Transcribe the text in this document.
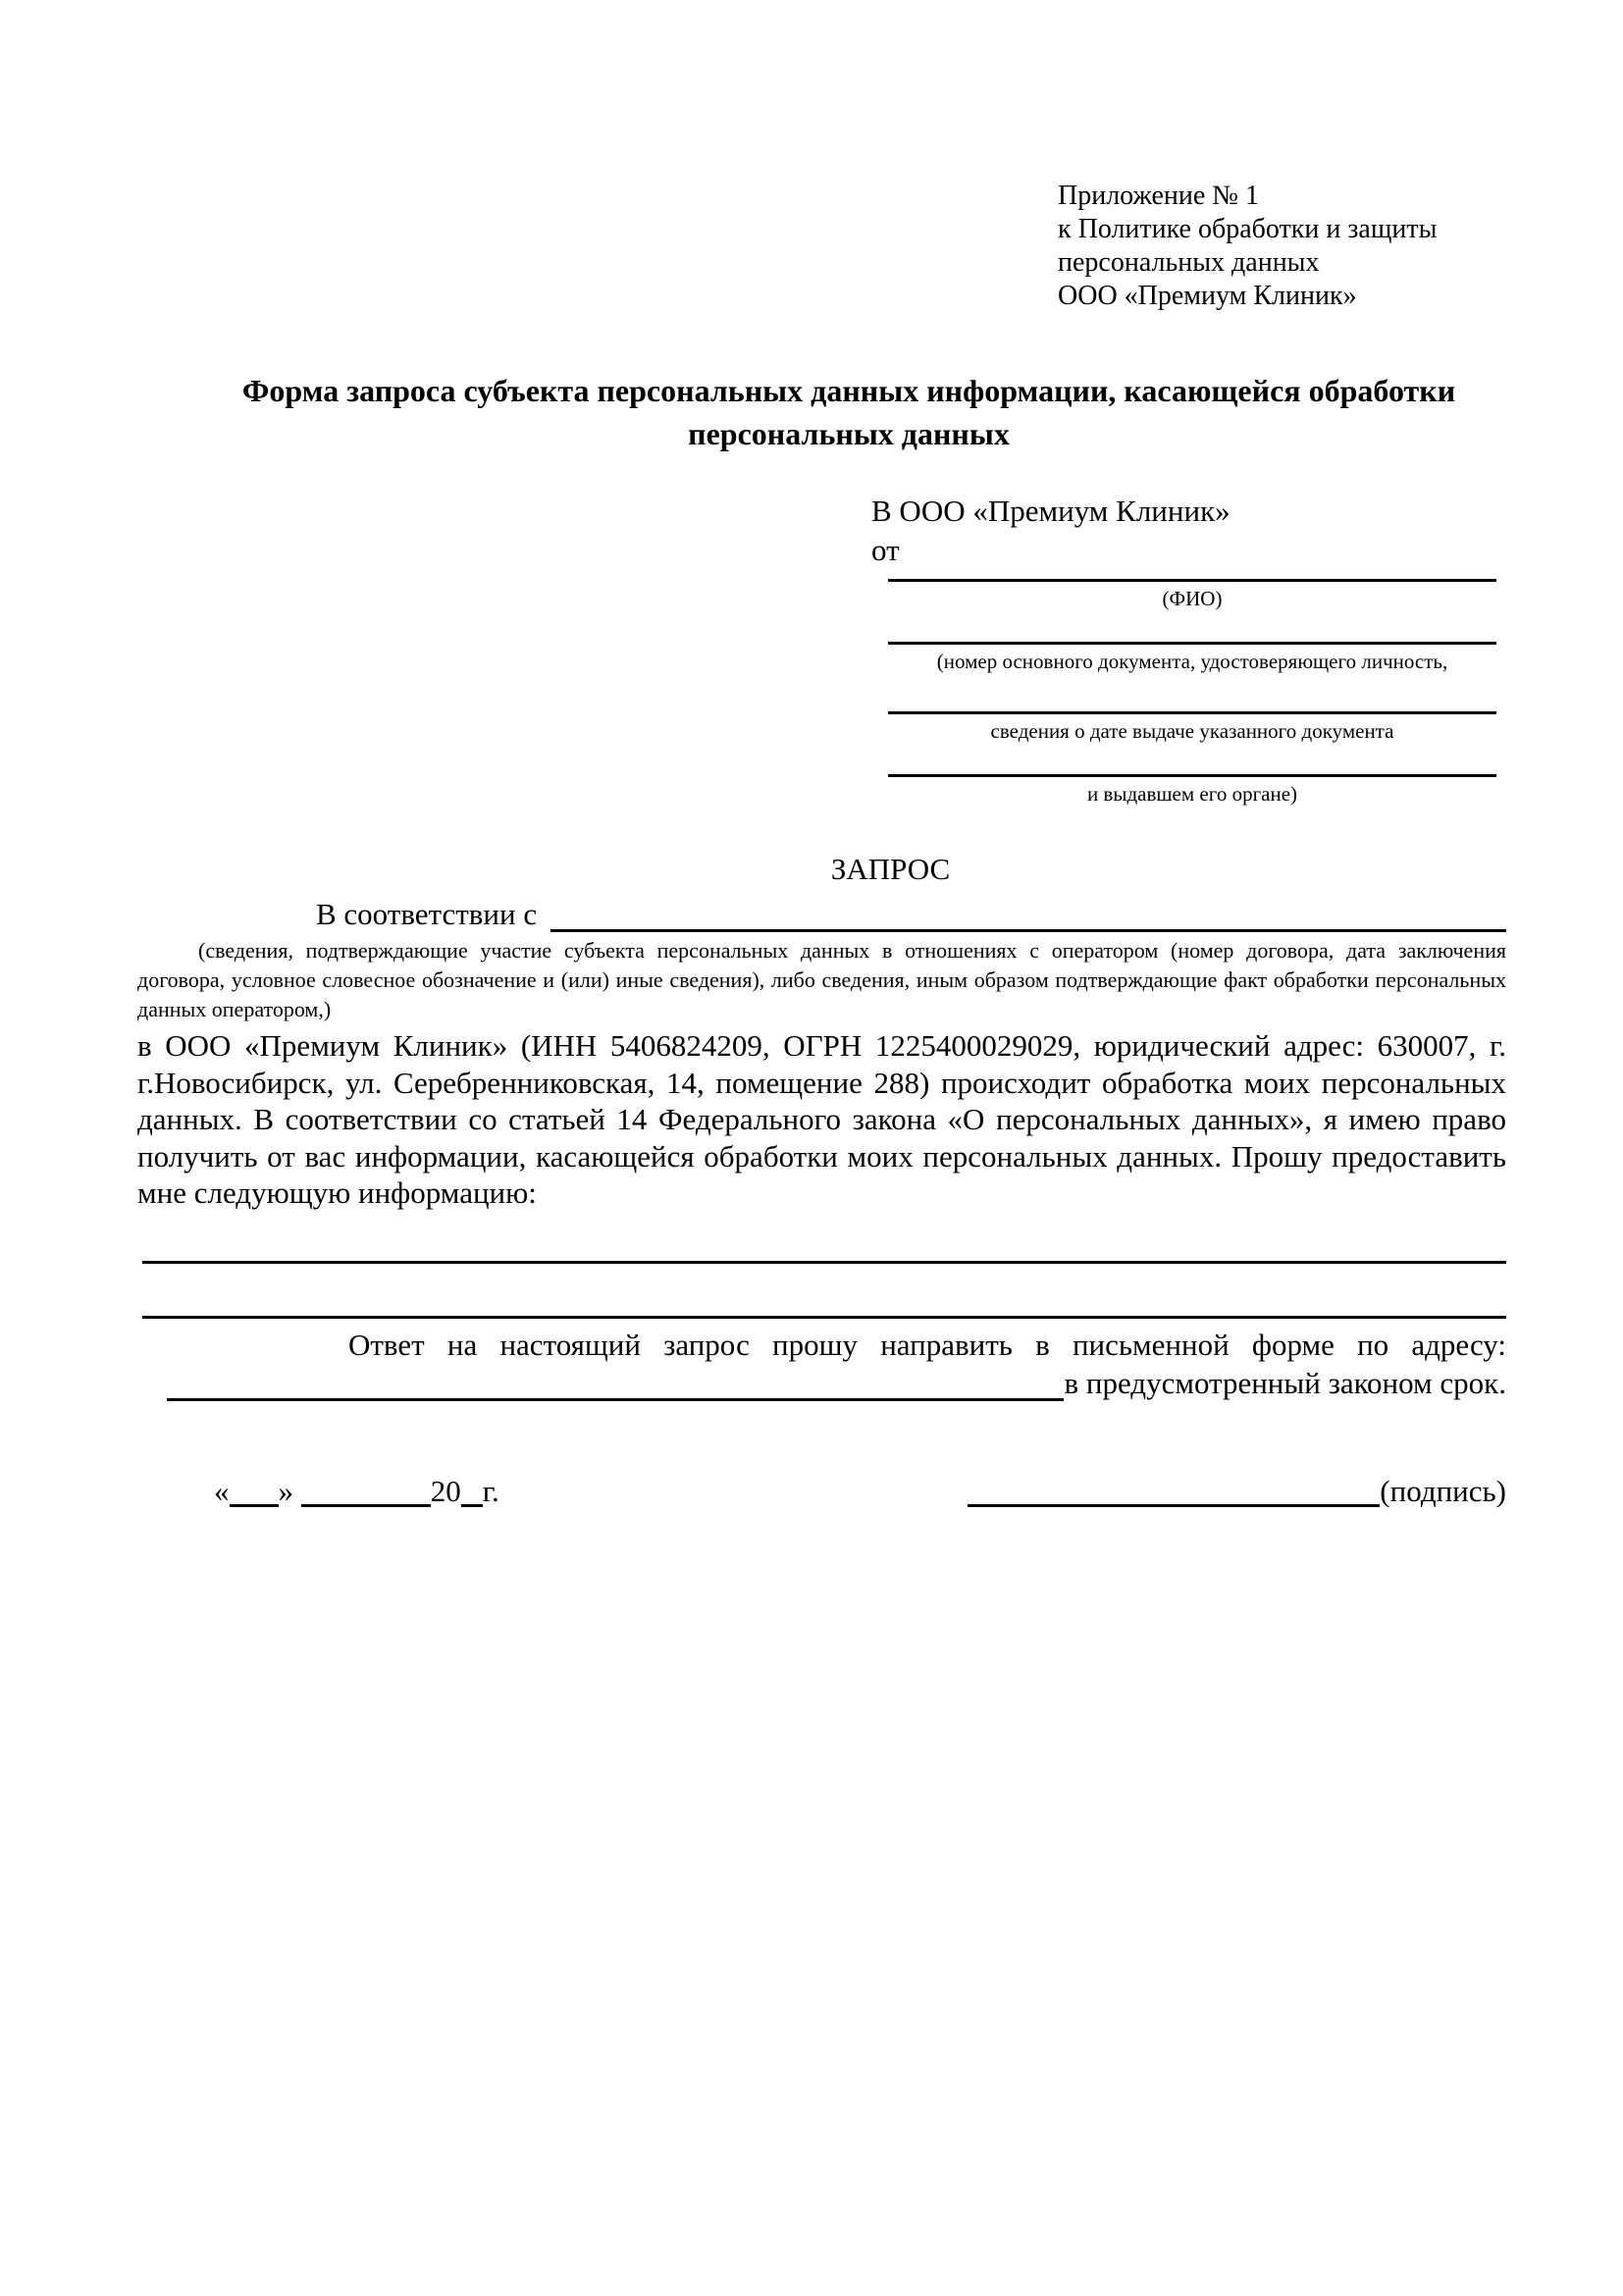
Приложение № 1
к Политике обработки и защиты
персональных данных
ООО «Премиум Клиник»
Форма запроса субъекта персональных данных информации, касающейся обработки персональных данных
В ООО «Премиум Клиник»
от
(ФИО)
(номер основного документа, удостоверяющего личность,
сведения о дате выдаче указанного документа
и выдавшем его органе)
ЗАПРОС
В соответствии с

(сведения, подтверждающие участие субъекта персональных данных в отношениях с оператором (номер договора, дата заключения договора, условное словесное обозначение и (или) иные сведения), либо сведения, иным образом подтверждающие факт обработки персональных данных оператором,)

в ООО «Премиум Клиник» (ИНН 5406824209, ОГРН 1225400029029, юридический адрес: 630007, г. г.Новосибирск, ул. Серебренниковская, 14, помещение 288) происходит обработка моих персональных данных. В соответствии со статьей 14 Федерального закона «О персональных данных», я имею право получить от вас информации, касающейся обработки моих персональных данных. Прошу предоставить мне следующую информацию:

Ответ на настоящий запрос прошу направить в письменной форме по адресу:

в предусмотренный законом срок.
« »	20 г.	(подпись)
